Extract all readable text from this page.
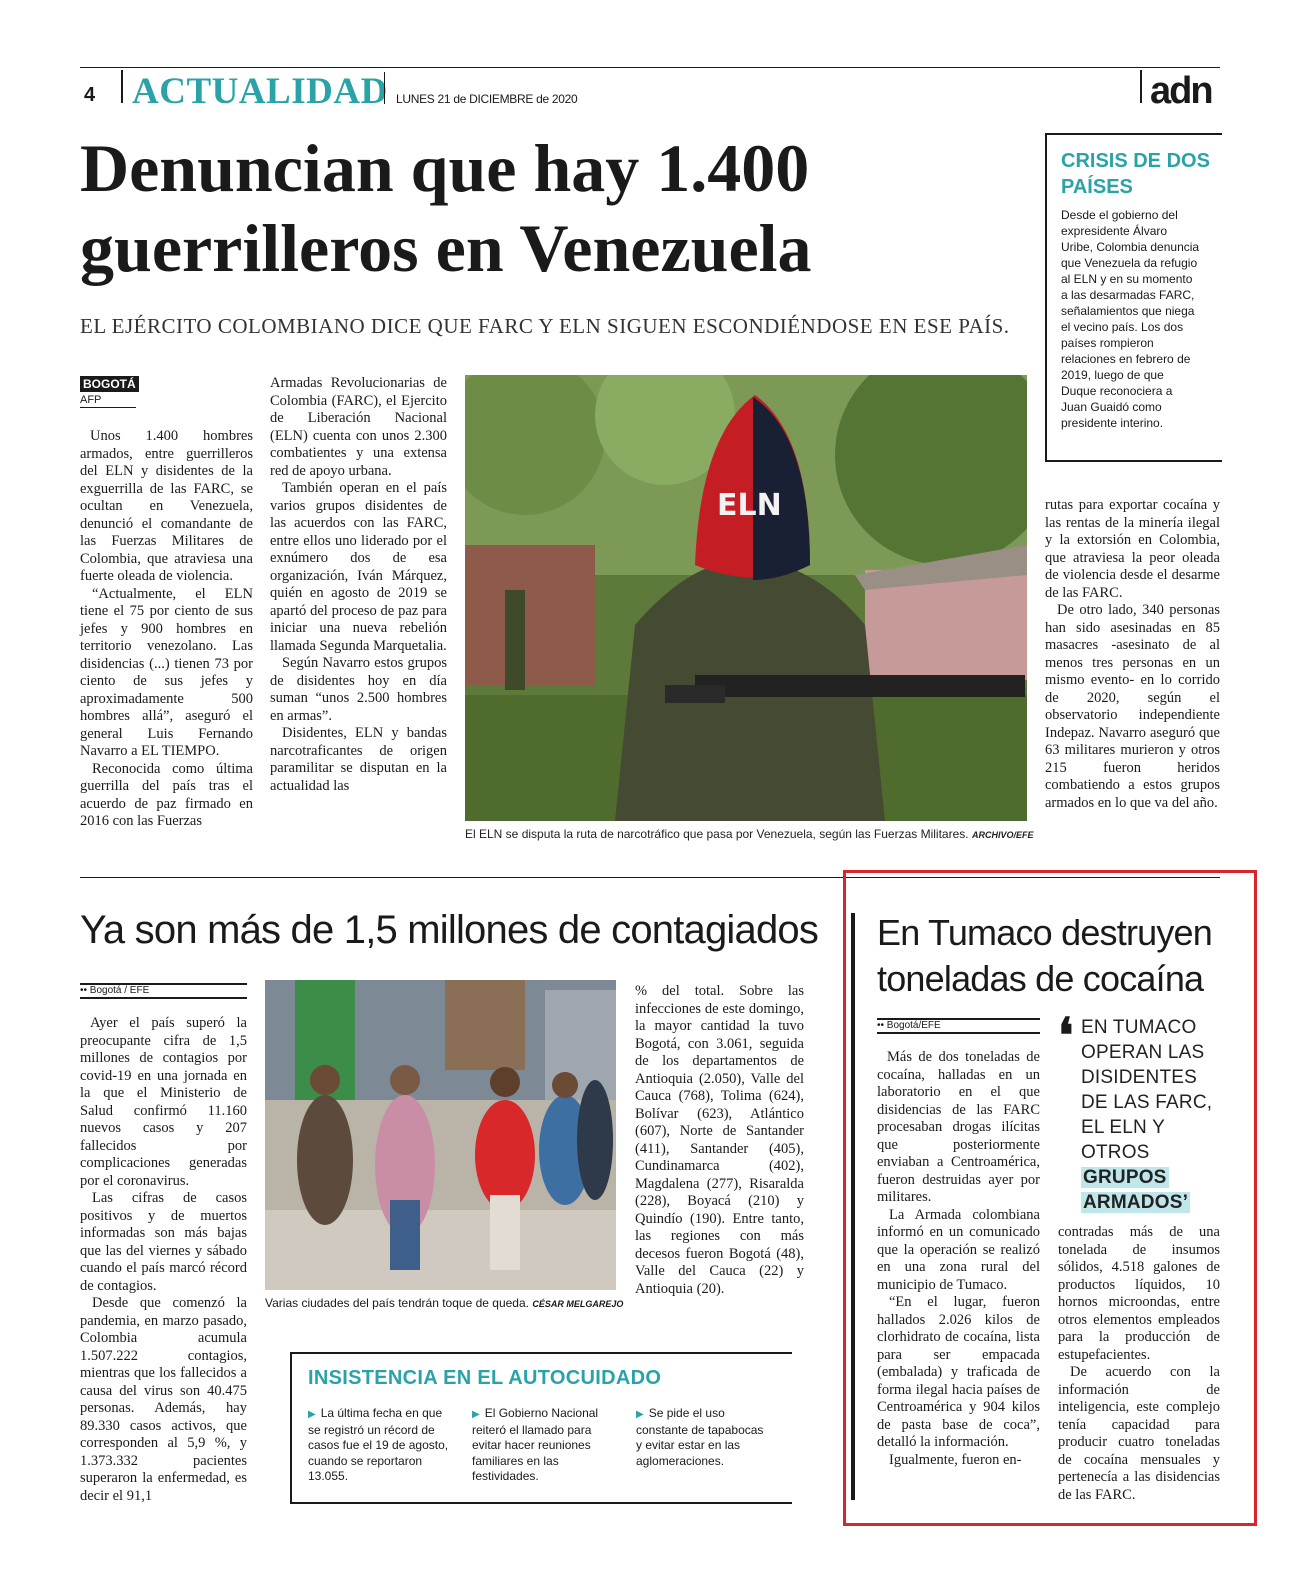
4 ACTUALIDAD LUNES 21 de DICIEMBRE de 2020	adn
Denuncian que hay 1.400
guerrilleros en Venezuela
EL EJÉRCITO COLOMBIANO DICE QUE FARC Y ELN SIGUEN ESCONDIÉNDOSE EN ESE PAÍS.
CRISIS DE DOS PAÍSES
Desde el gobierno del expresidente Álvaro Uribe, Colombia denuncia que Venezuela da refugio al ELN y en su momento a las desarmadas FARC, señalamientos que niega el vecino país. Los dos países rompieron relaciones en febrero de 2019, luego de que Duque reconociera a Juan Guaidó como presidente interino.
BOGOTÁ
AFP

Unos 1.400 hombres armados, entre guerrilleros del ELN y disidentes de la exguerrilla de las FARC, se ocultan en Venezuela, denunció el comandante de las Fuerzas Militares de Colombia, que atraviesa una fuerte oleada de violencia.

“Actualmente, el ELN tiene el 75 por ciento de sus jefes y 900 hombres en territorio venezolano. Las disidencias (...) tienen 73 por ciento de sus jefes y aproximadamente 500 hombres allá”, aseguró el general Luis Fernando Navarro a EL TIEMPO.

Reconocida como última guerrilla del país tras el acuerdo de paz firmado en 2016 con las Fuerzas

Armadas Revolucionarias de Colombia (FARC), el Ejercito de Liberación Nacional (ELN) cuenta con unos 2.300 combatientes y una extensa red de apoyo urbana.

También operan en el país varios grupos disidentes de las acuerdos con las FARC, entre ellos uno liderado por el exnúmero dos de esa organización, Iván Márquez, quién en agosto de 2019 se apartó del proceso de paz para iniciar una nueva rebelión llamada Segunda Marquetalia.

Según Navarro estos grupos de disidentes hoy en día suman “unos 2.500 hombres en armas”.

Disidentes, ELN y bandas narcotraficantes de origen paramilitar se disputan en la actualidad las

rutas para exportar cocaína y las rentas de la minería ilegal y la extorsión en Colombia, que atraviesa la peor oleada de violencia desde el desarme de las FARC.

De otro lado, 340 personas han sido asesinadas en 85 masacres -asesinato de al menos tres personas en un mismo evento- en lo corrido de 2020, según el observatorio independiente Indepaz. Navarro aseguró que 63 militares murieron y otros 215 fueron heridos combatiendo a estos grupos armados en lo que va del año.

ELN
El ELN se disputa la ruta de narcotráfico que pasa por Venezuela, según las Fuerzas Militares. ARCHIVO/EFE
Ya son más de 1,5 millones de contagiados
•• Bogotá / EFE

Ayer el país superó la preocupante cifra de 1,5 millones de contagios por covid-19 en una jornada en la que el Ministerio de Salud confirmó 11.160 nuevos casos y 207 fallecidos por complicaciones generadas por el coronavirus.

Las cifras de casos positivos y de muertos informadas son más bajas que las del viernes y sábado cuando el país marcó récord de contagios.

Desde que comenzó la pandemia, en marzo pasado, Colombia acumula 1.507.222 contagios, mientras que los fallecidos a causa del virus son 40.475 personas. Además, hay 89.330 casos activos, que corresponden al 5,9 %, y 1.373.332 pacientes superaron la enfermedad, es decir el 91,1

Varias ciudades del país tendrán toque de queda. CÉSAR MELGAREJO

% del total. Sobre las infecciones de este domingo, la mayor cantidad la tuvo Bogotá, con 3.061, seguida de los departamentos de Antioquia (2.050), Valle del Cauca (768), Tolima (624), Bolívar (623), Atlántico (607), Norte de Santander (411), Santander (405), Cundinamarca (402), Magdalena (277), Risaralda (228), Boyacá (210) y Quindío (190). Entre tanto, las regiones con más decesos fueron Bogotá (48), Valle del Cauca (22) y Antioquia (20).

INSISTENCIA EN EL AUTOCUIDADO
▶ La última fecha en que se registró un récord de casos fue el 19 de agosto, cuando se reportaron 13.055.
▶ El Gobierno Nacional reiteró el llamado para evitar hacer reuniones familiares en las festividades.
▶ Se pide el uso constante de tapabocas y evitar estar en las aglomeraciones.
En Tumaco destruyen
toneladas de cocaína
•• Bogotá/EFE

Más de dos toneladas de cocaína, halladas en un laboratorio en el que disidencias de las FARC procesaban drogas ilícitas que posteriormente enviaban a Centroamérica, fueron destruidas ayer por militares.

La Armada colombiana informó en un comunicado que la operación se realizó en una zona rural del municipio de Tumaco.

“En el lugar, fueron hallados 2.026 kilos de clorhidrato de cocaína, lista para ser empacada (embalada) y traficada de forma ilegal hacia países de Centroamérica y 904 kilos de pasta base de coca”, detalló la información.

Igualmente, fueron en-

❛ EN TUMACO OPERAN LAS DISIDENTES DE LAS FARC, EL ELN Y OTROS
GRUPOS
ARMADOS’

contradas más de una tonelada de insumos sólidos, 4.518 galones de productos líquidos, 10 hornos microondas, entre otros elementos empleados para la producción de estupefacientes.

De acuerdo con la información de inteligencia, este complejo tenía capacidad para producir cuatro toneladas de cocaína mensuales y pertenecía a las disidencias de las FARC.
